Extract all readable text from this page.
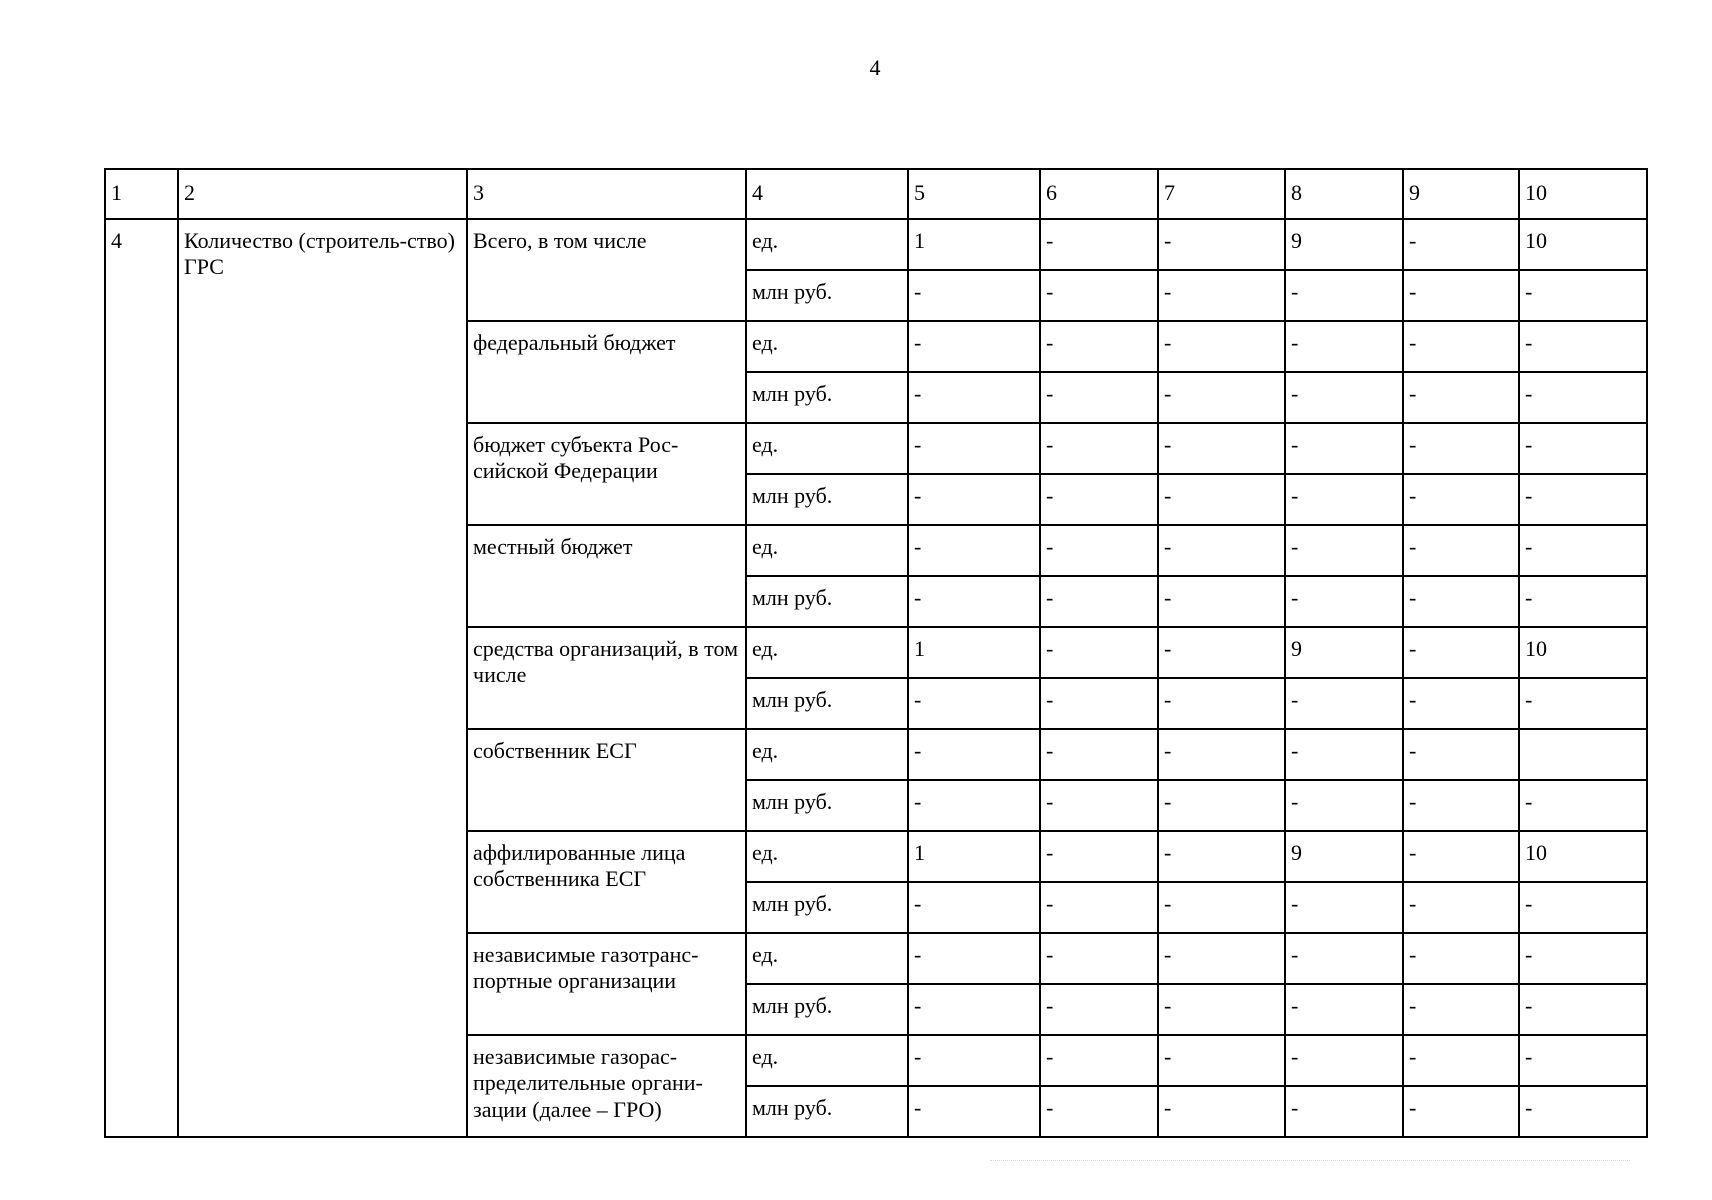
4
1	2	3	4	5	6	7	8	9	10
4	Количество (строитель-ство) ГРС	Всего, в том числе	ед.	1	-	-	9	-	10
			млн руб.	-	-	-	-	-	-
		федеральный бюджет	ед.	-	-	-	-	-	-
			млн руб.	-	-	-	-	-	-
		бюджет субъекта Рос-сийской Федерации	ед.	-	-	-	-	-	-
			млн руб.	-	-	-	-	-	-
		местный бюджет	ед.	-	-	-	-	-	-
			млн руб.	-	-	-	-	-	-
		средства организаций, в том числе	ед.	1	-	-	9	-	10
			млн руб.	-	-	-	-	-	-
		собственник ЕСГ	ед.	-	-	-	-	-	
			млн руб.	-	-	-	-	-	-
		аффилированные лица собственника ЕСГ	ед.	1	-	-	9	-	10
			млн руб.	-	-	-	-	-	-
		независимые газотранс-портные организации	ед.	-	-	-	-	-	-
			млн руб.	-	-	-	-	-	-
		независимые газорас-пределительные органи-зации (далее – ГРО)	ед.	-	-	-	-	-	-
			млн руб.	-	-	-	-	-	-
